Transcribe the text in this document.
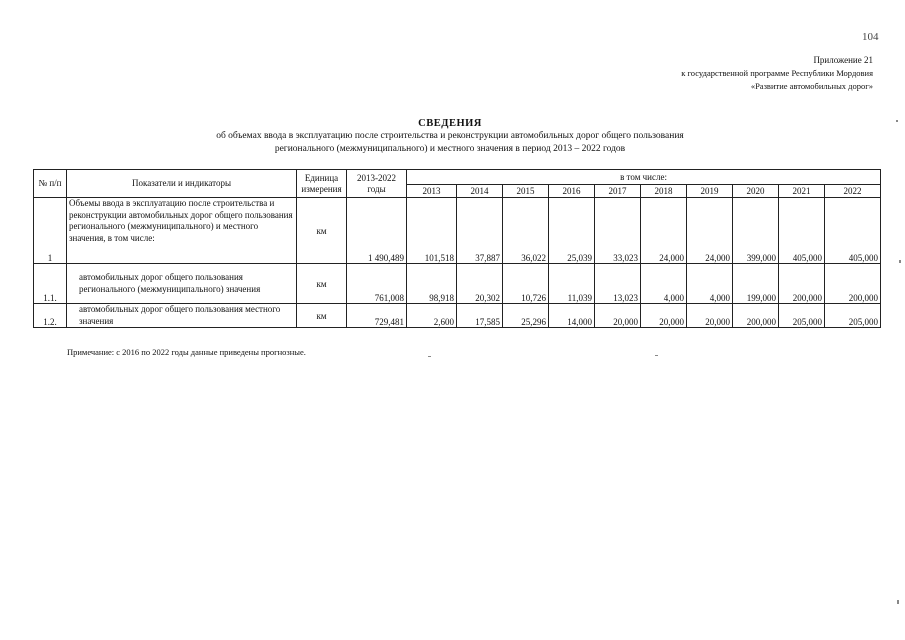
104
Приложение 21
к государственной программе Республики Мордовия
«Развитие автомобильных дорог»
СВЕДЕНИЯ
об объемах ввода в эксплуатацию после строительства и реконструкции автомобильных дорог общего пользования
регионального (межмуниципального) и местного значения в период 2013 – 2022 годов
№ п/п	Показатели и индикаторы	Единица измерения	2013-2022 годы	в том числе:									
				2013	2014	2015	2016	2017	2018	2019	2020	2021	2022
1	Объемы ввода в эксплуатацию после строительства и реконструкции автомобильных дорог общего пользования регионального (межмуниципального) и местного значения, в том числе:	км	1 490,489	101,518	37,887	36,022	25,039	33,023	24,000	24,000	399,000	405,000	405,000
1.1.	автомобильных дорог общего пользования регионального (межмуниципального) значения	км	761,008	98,918	20,302	10,726	11,039	13,023	4,000	4,000	199,000	200,000	200,000
1.2.	автомобильных дорог общего пользования местного значения	км	729,481	2,600	17,585	25,296	14,000	20,000	20,000	20,000	200,000	205,000	205,000
Примечание: с 2016 по 2022 годы данные приведены прогнозные.
